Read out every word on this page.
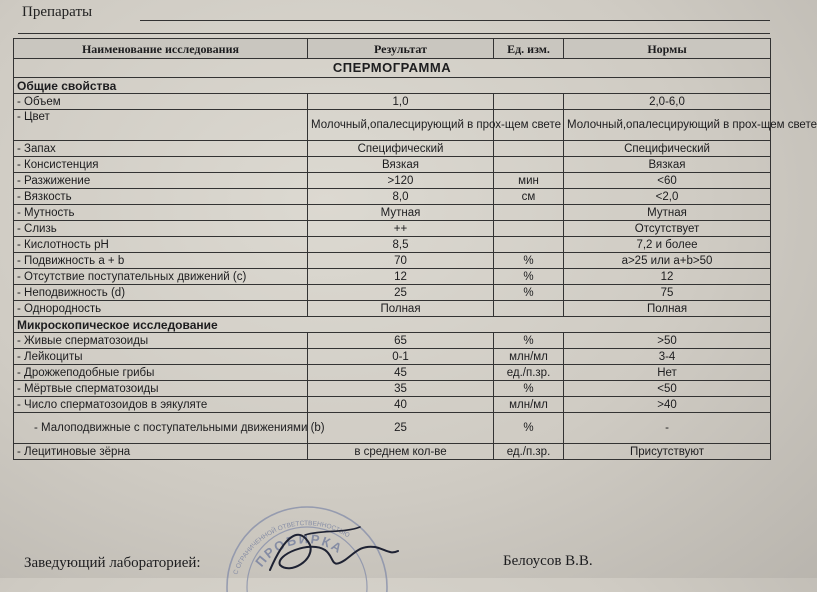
Препараты
Наименование исследования	Результат	Ед. изм.	Нормы
СПЕРМОГРАММА			
Общие свойства			
- Объем	1,0		2,0-6,0
- Цвет	Молочный,опалесцирующий в прох-щем свете		Молочный,опалесцирующий в прох-щем свете
- Запах	Специфический		Специфический
- Консистенция	Вязкая		Вязкая
- Разжижение	>120	мин	<60
- Вязкость	8,0	см	<2,0
- Мутность	Мутная		Мутная
- Слизь	++		Отсутствует
- Кислотность pH	8,5		7,2 и более
- Подвижность a + b	70	%	a>25 или a+b>50
- Отсутствие поступательных движений (c)	12	%	12
- Неподвижность (d)	25	%	75
- Однородность	Полная		Полная
Микроскопическое исследование			
- Живые сперматозоиды	65	%	>50
- Лейкоциты	0-1	млн/мл	3-4
- Дрожжеподобные грибы	45	ед./п.зр.	Нет
- Мёртвые сперматозоиды	35	%	<50
- Число сперматозоидов в эякуляте	40	млн/мл	>40
- Малоподвижные с поступательными движениями (b)	25	%	-
- Лецитиновые зёрна	в среднем кол-ве	ед./п.зр.	Присутствуют
С ОГРАНИЧЕННОЙ ОТВЕТСТВЕННОСТЬЮ
ПРОБИРКА
Заведующий лабораторией:	Белоусов В.В.
